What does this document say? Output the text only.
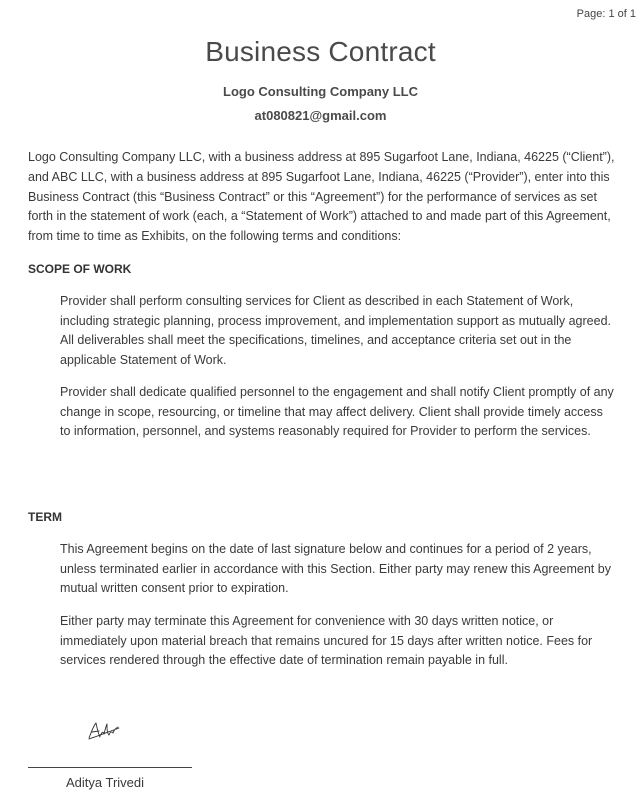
Page: 1 of 1
Business Contract
Logo Consulting Company LLC
at080821@gmail.com

Logo Consulting Company LLC, with a business address at 895 Sugarfoot Lane, Indiana, 46225 (“Client”), and ABC LLC, with a business address at 895 Sugarfoot Lane, Indiana, 46225 (“Provider”), enter into this Business Contract (this “Business Contract” or this “Agreement”) for the performance of services as set forth in the statement of work (each, a “Statement of Work”) attached to and made part of this Agreement, from time to time as Exhibits, on the following terms and conditions:

SCOPE OF WORK

Provider shall perform consulting services for Client as described in each Statement of Work, including strategic planning, process improvement, and implementation support as mutually agreed. All deliverables shall meet the specifications, timelines, and acceptance criteria set out in the applicable Statement of Work.

Provider shall dedicate qualified personnel to the engagement and shall notify Client promptly of any change in scope, resourcing, or timeline that may affect delivery. Client shall provide timely access to information, personnel, and systems reasonably required for Provider to perform the services.

TERM

This Agreement begins on the date of last signature below and continues for a period of 2 years, unless terminated earlier in accordance with this Section. Either party may renew this Agreement by mutual written consent prior to expiration.

Either party may terminate this Agreement for convenience with 30 days written notice, or immediately upon material breach that remains uncured for 15 days after written notice. Fees for services rendered through the effective date of termination remain payable in full.

Aditya Trivedi
